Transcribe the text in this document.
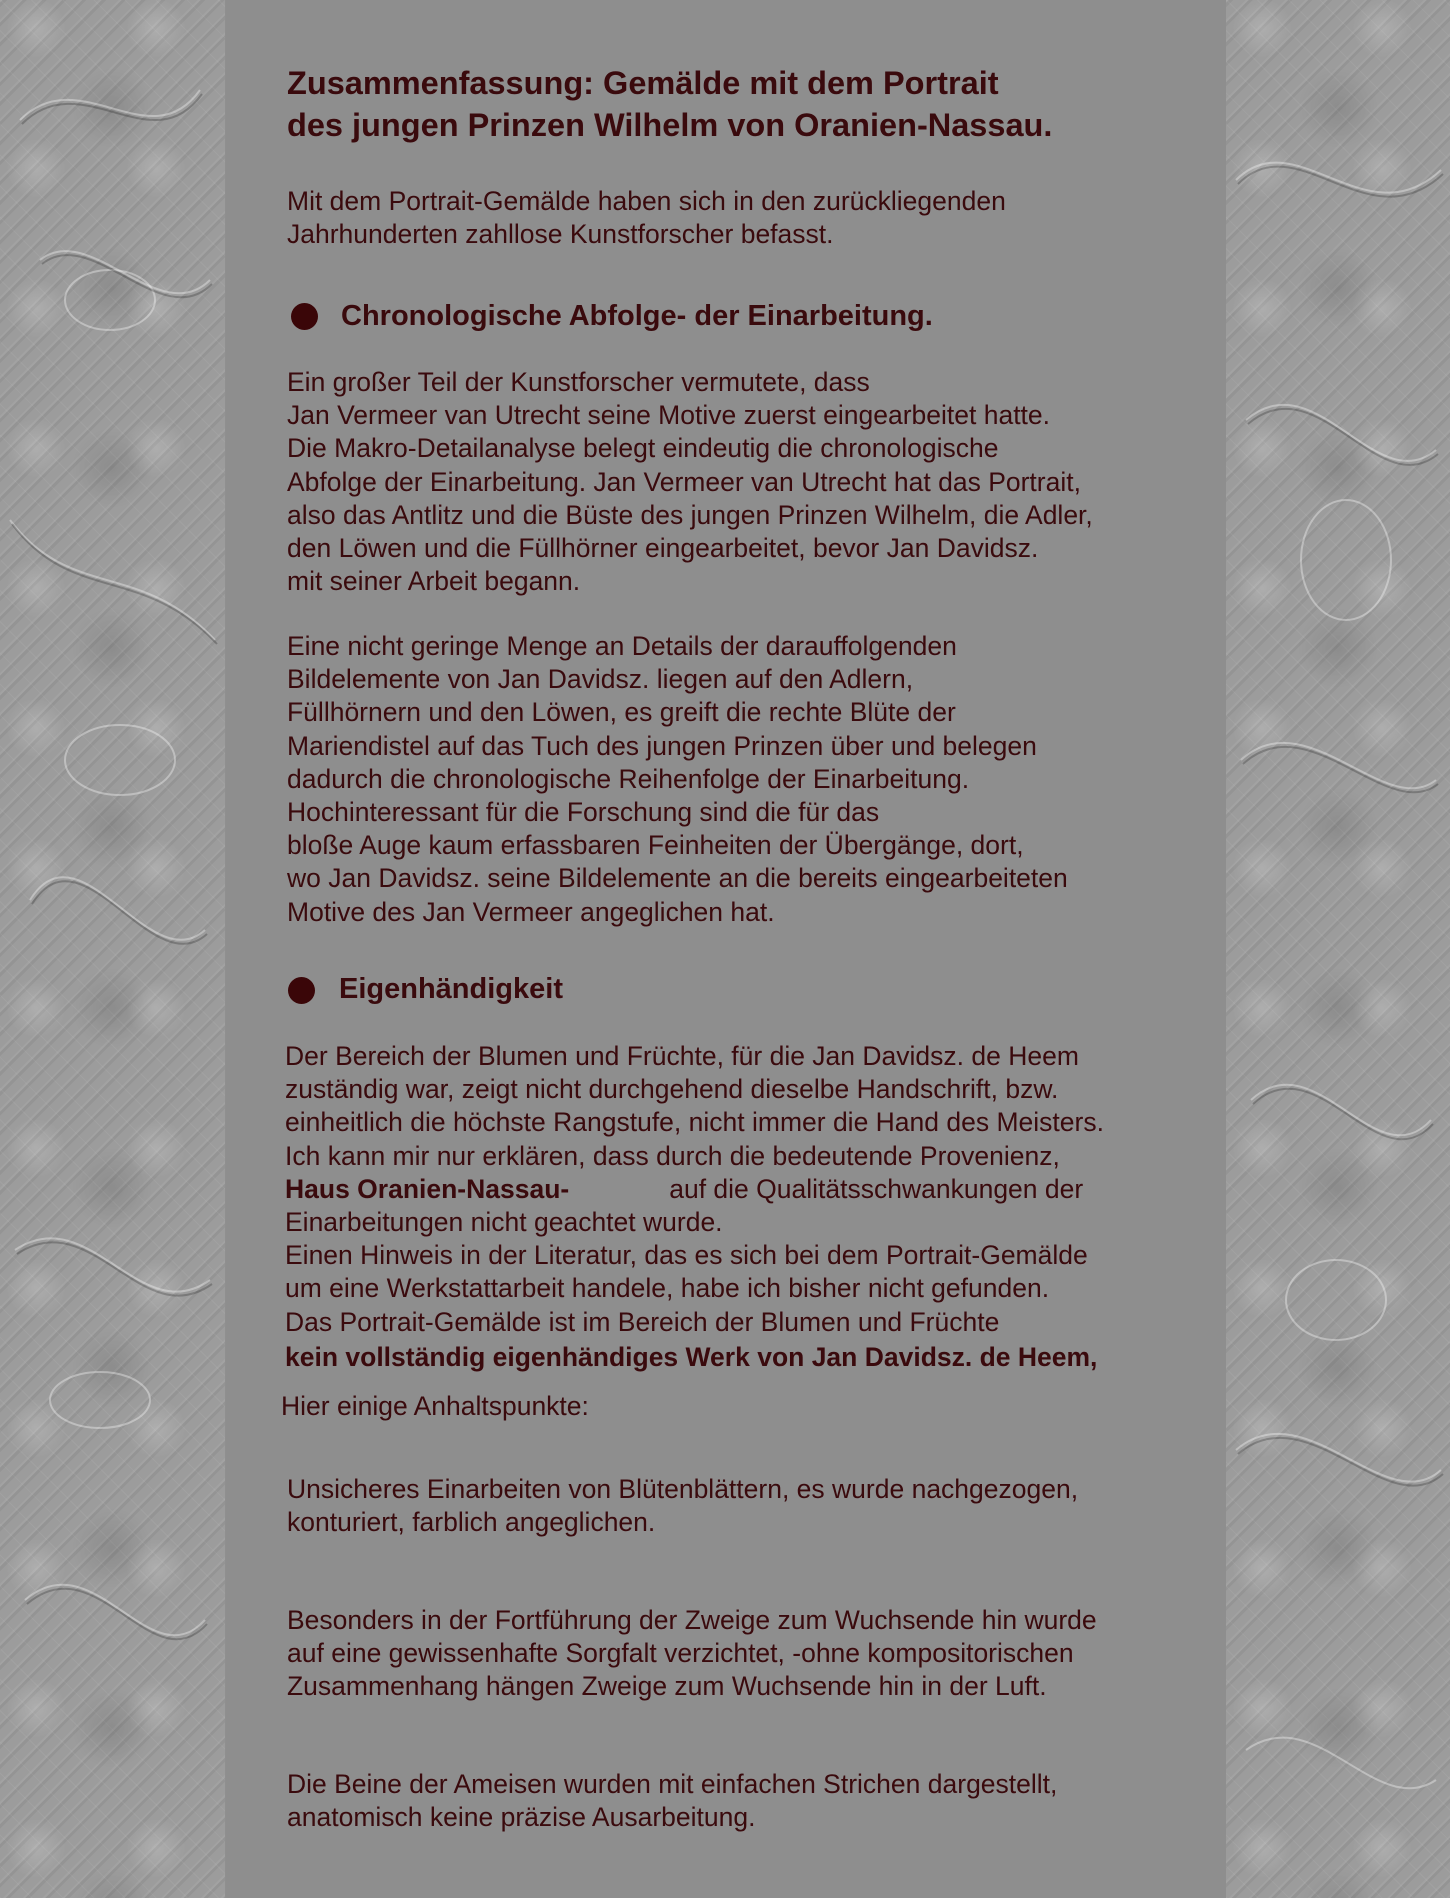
Zusammenfassung: Gemälde mit dem Portrait
des jungen Prinzen Wilhelm von Oranien-Nassau.
Mit dem Portrait-Gemälde haben sich in den zurückliegenden
Jahrhunderten zahllose Kunstforscher befasst.
Chronologische Abfolge- der Einarbeitung.
Ein großer Teil der Kunstforscher vermutete, dass
Jan Vermeer van Utrecht seine Motive zuerst eingearbeitet hatte.
Die Makro-Detailanalyse belegt eindeutig die chronologische
Abfolge der Einarbeitung. Jan Vermeer van Utrecht hat das Portrait,
also das Antlitz und die Büste des jungen Prinzen Wilhelm, die Adler,
den Löwen und die Füllhörner eingearbeitet, bevor Jan Davidsz.
mit seiner Arbeit begann.
Eine nicht geringe Menge an Details der darauffolgenden
Bildelemente von Jan Davidsz. liegen auf den Adlern,
Füllhörnern und den Löwen, es greift die rechte Blüte der
Mariendistel auf das Tuch des jungen Prinzen über und belegen
dadurch die chronologische Reihenfolge der Einarbeitung.
Hochinteressant für die Forschung sind die für das
bloße Auge kaum erfassbaren Feinheiten der Übergänge, dort,
wo Jan Davidsz. seine Bildelemente an die bereits eingearbeiteten
Motive des Jan Vermeer angeglichen hat.
Eigenhändigkeit
Der Bereich der Blumen und Früchte, für die Jan Davidsz. de Heem
zuständig war, zeigt nicht durchgehend dieselbe Handschrift, bzw.
einheitlich die höchste Rangstufe, nicht immer die Hand des Meisters.
Ich kann mir nur erklären, dass durch die bedeutende Provenienz,
Haus Oranien-Nassau-	auf die Qualitätsschwankungen der
Einarbeitungen nicht geachtet wurde.
Einen Hinweis in der Literatur, das es sich bei dem Portrait-Gemälde
um eine Werkstattarbeit handele, habe ich bisher nicht gefunden.
Das Portrait-Gemälde ist im Bereich der Blumen und Früchte
kein vollständig eigenhändiges Werk von Jan Davidsz. de Heem,
Hier einige Anhaltspunkte:
Unsicheres Einarbeiten von Blütenblättern, es wurde nachgezogen,
konturiert, farblich angeglichen.
Besonders in der Fortführung der Zweige zum Wuchsende hin wurde
auf eine gewissenhafte Sorgfalt verzichtet, -ohne kompositorischen
Zusammenhang hängen Zweige zum Wuchsende hin in der Luft.
Die Beine der Ameisen wurden mit einfachen Strichen dargestellt,
anatomisch keine präzise Ausarbeitung.
